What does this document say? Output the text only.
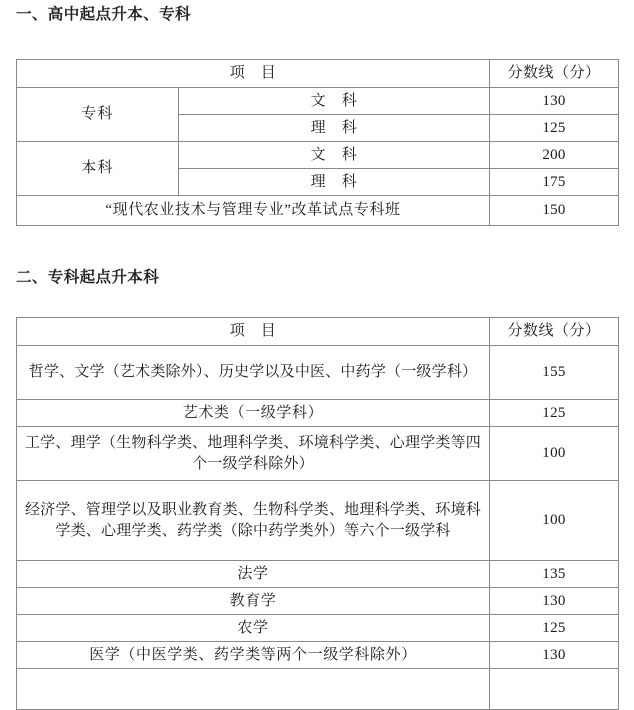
一、高中起点升本、专科
项　目		分数线（分）
专科	文　科	130
	理　科	125
本科	文　科	200
	理　科	175
“现代农业技术与管理专业”改革试点专科班		150
二、专科起点升本科
项　目	分数线（分）
哲学、文学（艺术类除外）、历史学以及中医、中药学（一级学科）	155
艺术类（一级学科）	125
工学、理学（生物科学类、地理科学类、环境科学类、心理学类等四个一级学科除外）	100
经济学、管理学以及职业教育类、生物科学类、地理科学类、环境科学类、心理学类、药学类（除中药学类外）等六个一级学科	100
法学	135
教育学	130
农学	125
医学（中医学类、药学类等两个一级学科除外）	130
